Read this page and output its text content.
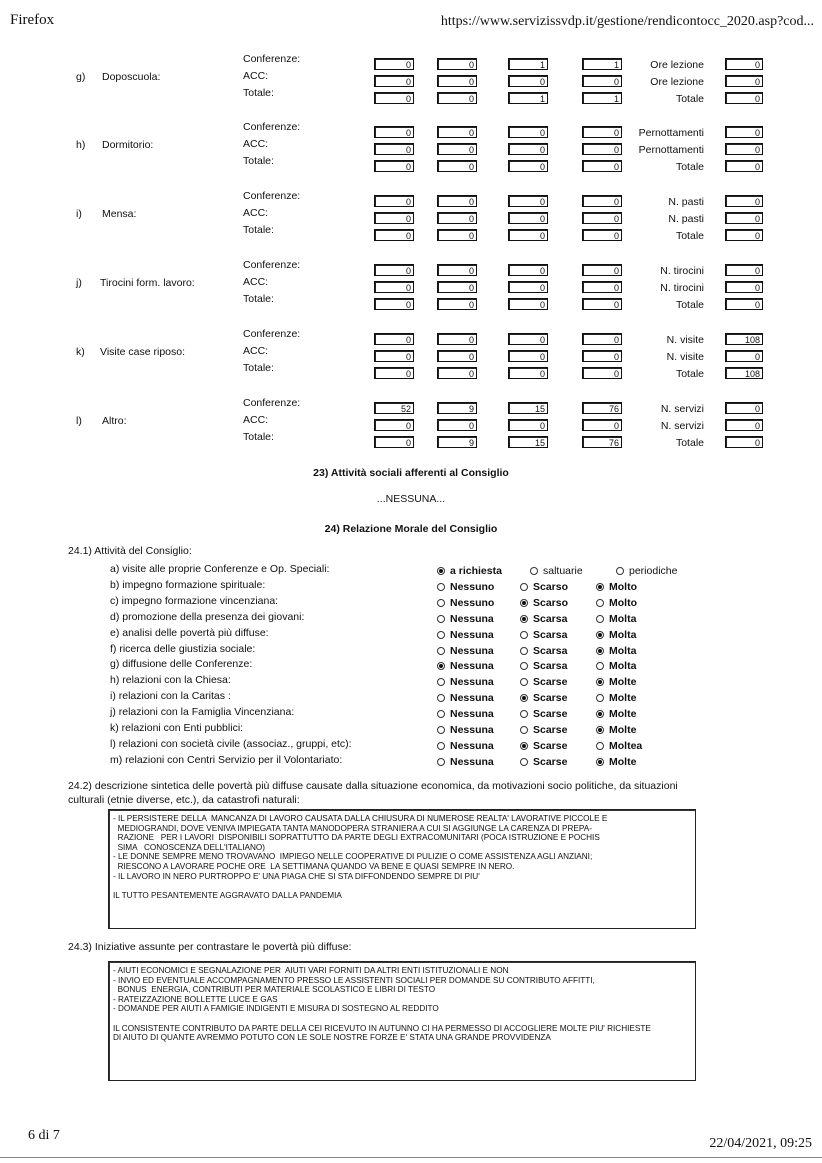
Firefox	https://www.servizissvdp.it/gestione/rendicontocc_2020.asp?cod...
g) Doposcuola:
Conferenze:	0	0	1	1	Ore lezione	0
ACC:	0	0	0	0	Ore lezione	0
Totale:	0	0	1	1	Totale	0
h) Dormitorio:
Conferenze:	0	0	0	0	Pernottamenti	0
ACC:	0	0	0	0	Pernottamenti	0
Totale:	0	0	0	0	Totale	0
i) Mensa:
Conferenze:	0	0	0	0	N. pasti	0
ACC:	0	0	0	0	N. pasti	0
Totale:	0	0	0	0	Totale	0
j) Tirocini form. lavoro:
Conferenze:	0	0	0	0	N. tirocini	0
ACC:	0	0	0	0	N. tirocini	0
Totale:	0	0	0	0	Totale	0
k) Visite case riposo:
Conferenze:	0	0	0	0	N. visite	108
ACC:	0	0	0	0	N. visite	0
Totale:	0	0	0	0	Totale	108
l) Altro:
Conferenze:	52	9	15	76	N. servizi	0
ACC:	0	0	0	0	N. servizi	0
Totale:	0	9	15	76	Totale	0
23) Attività sociali afferenti al Consiglio
...NESSUNA...
24) Relazione Morale del Consiglio
24.1) Attività del Consiglio:
a) visite alle proprie Conferenze e Op. Speciali:	a richiesta	saltuarie	periodiche
b) impegno formazione spirituale:	Nessuno	Scarso	Molto
c) impegno formazione vincenziana:	Nessuno	Scarso	Molto
d) promozione della presenza dei giovani:	Nessuna	Scarsa	Molta
e) analisi delle povertà più diffuse:	Nessuna	Scarsa	Molta
f) ricerca delle giustizia sociale:	Nessuna	Scarsa	Molta
g) diffusione delle Conferenze:	Nessuna	Scarsa	Molta
h) relazioni con la Chiesa:	Nessuna	Scarse	Molte
i) relazioni con la Caritas :	Nessuna	Scarse	Molte
j) relazioni con la Famiglia Vincenziana:	Nessuna	Scarse	Molte
k) relazioni con Enti pubblici:	Nessuna	Scarse	Molte
l) relazioni con società civile (associaz., gruppi, etc):	Nessuna	Scarse	Moltea
m) relazioni con Centri Servizio per il Volontariato:	Nessuna	Scarse	Molte
24.2) descrizione sintetica delle povertà più diffuse causate dalla situazione economica, da motivazioni socio politiche, da situazioni culturali (etnie diverse, etc.), da catastrofi naturali:
- IL PERSISTERE DELLA  MANCANZA DI LAVORO CAUSATA DALLA CHIUSURA DI NUMEROSE REALTA' LAVORATIVE PICCOLE E
MEDIOGRANDI, DOVE VENIVA IMPIEGATA TANTA MANODOPERA STRANIERA A CUI SI AGGIUNGE LA CARENZA DI PREPA-
RAZIONE   PER I LAVORI  DISPONIBILI SOPRATTUTTO DA PARTE DEGLI EXTRACOMUNITARI (POCA ISTRUZIONE E POCHIS
SIMA   CONOSCENZA DELL'ITALIANO)
- LE DONNE SEMPRE MENO TROVAVANO  IMPIEGO NELLE COOPERATIVE DI PULIZIE O COME ASSISTENZA AGLI ANZIANI;
RIESCONO A LAVORARE POCHE ORE  LA SETTIMANA QUANDO VA BENE E QUASI SEMPRE IN NERO.
- IL LAVORO IN NERO PURTROPPO E' UNA PIAGA CHE SI STA DIFFONDENDO SEMPRE DI PIU'

IL TUTTO PESANTEMENTE AGGRAVATO DALLA PANDEMIA
24.3) Iniziative assunte per contrastare le povertà più diffuse:
- AIUTI ECONOMICI E SEGNALAZIONE PER  AIUTI VARI FORNITI DA ALTRI ENTI ISTITUZIONALI E NON
- INVIO ED EVENTUALE ACCOMPAGNAMENTO PRESSO LE ASSISTENTI SOCIALI PER DOMANDE SU CONTRIBUTO AFFITTI,
BONUS  ENERGIA, CONTRIBUTI PER MATERIALE SCOLASTICO E LIBRI DI TESTO
- RATEIZZAZIONE BOLLETTE LUCE E GAS
- DOMANDE PER AIUTI A FAMIGIE INDIGENTI E MISURA DI SOSTEGNO AL REDDITO

IL CONSISTENTE CONTRIBUTO DA PARTE DELLA CEI RICEVUTO IN AUTUNNO CI HA PERMESSO DI ACCOGLIERE MOLTE PIU' RICHIESTE
DI AIUTO DI QUANTE AVREMMO POTUTO CON LE SOLE NOSTRE FORZE E' STATA UNA GRANDE PROVVIDENZA
6 di 7
22/04/2021, 09:25
